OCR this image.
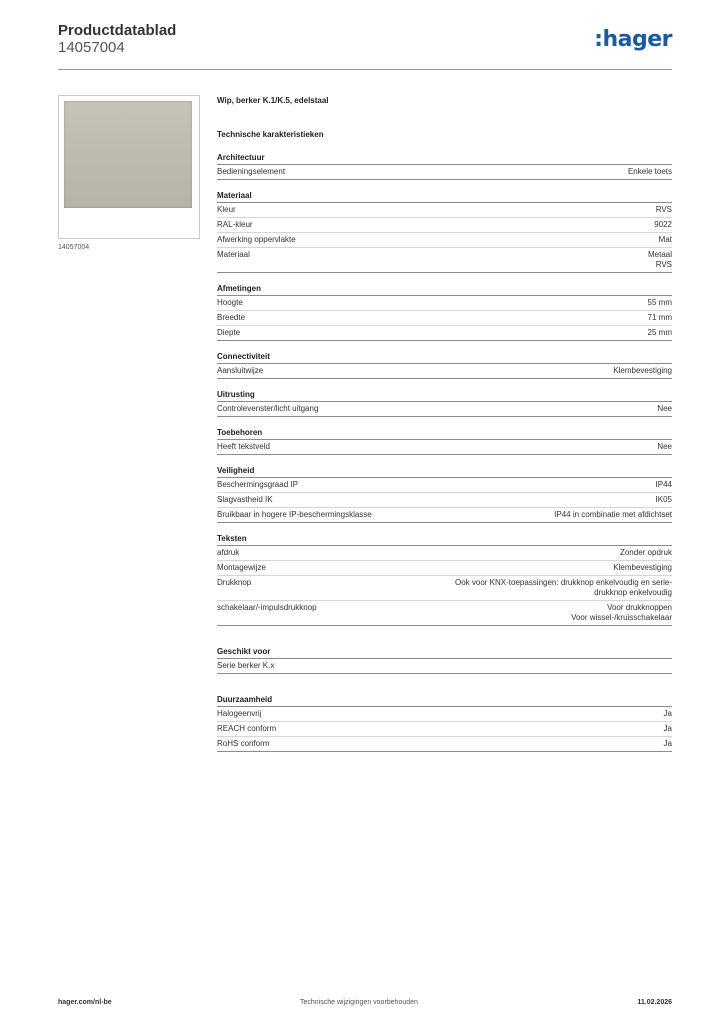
Productdatablad
14057004	:hager
14057004
Wip, berker K.1/K.5, edelstaal
Technische karakteristieken
Architectuur
Bedieningselement	Enkele toets
Materiaal
Kleur	RVS
RAL-kleur	9022
Afwerking oppervlakte	Mat
Materiaal	Metaal
RVS
Afmetingen
Hoogte	55 mm
Breedte	71 mm
Diepte	25 mm
Connectiviteit
Aansluitwijze	Klembevestiging
Uitrusting
Controlevenster/licht uitgang	Nee
Toebehoren
Heeft tekstveld	Nee
Veiligheid
Beschermingsgraad IP	IP44
Slagvastheid IK	IK05
Bruikbaar in hogere IP-beschermingsklasse	IP44 in combinatie met afdichtset
Teksten
afdruk	Zonder opdruk
Montagewijze	Klembevestiging
Drukknop	Ook voor KNX-toepassingen: drukknop enkelvoudig en serie-
drukknop enkelvoudig
schakelaar/-impulsdrukknop	Voor drukknoppen
Voor wissel-/kruisschakelaar
Geschikt voor
Serie berker K.x
Duurzaamheid
Halogeenvrij	Ja
REACH conform	Ja
RoHS conform	Ja
hager.com/nl-be	Technische wijzigingen voorbehouden	11.02.2026
